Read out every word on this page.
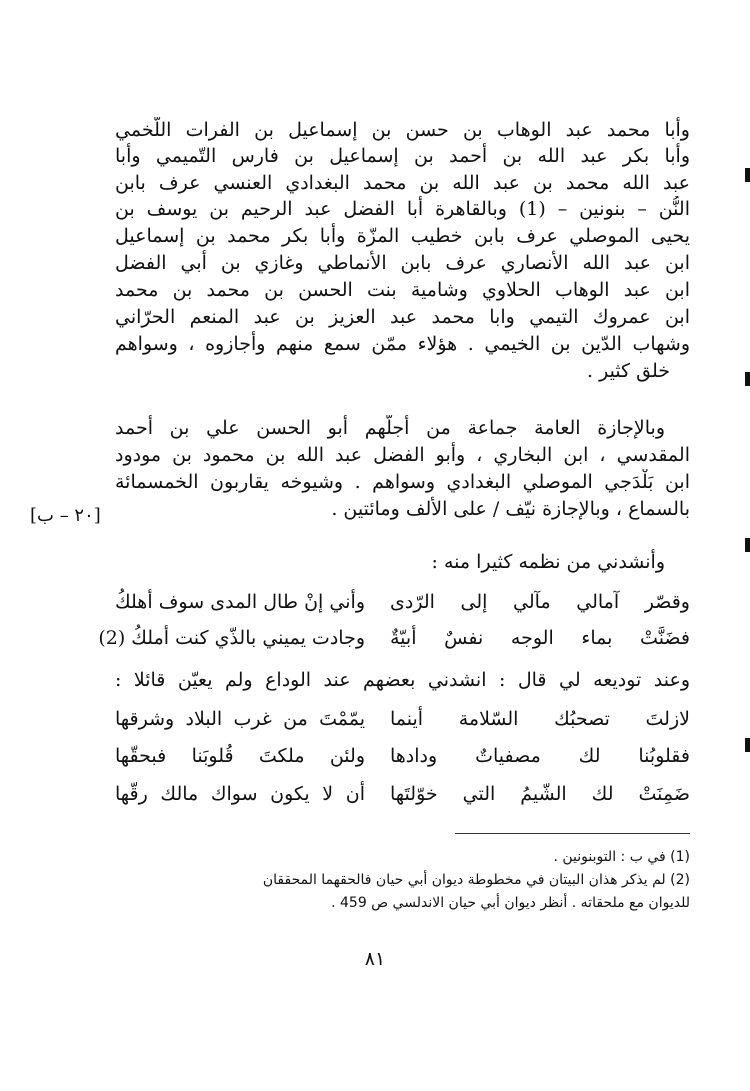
وأبا محمد عبد الوهاب بن حسن بن إسماعيل بن الفرات اللّخمي
وأبا بكر عبد الله بن أحمد بن إسماعيل بن فارس التّميمي وأبا
عبد الله محمد بن عبد الله بن محمد البغدادي العنسي عرف بابن
النُّن – بنونين – (1) وبالقاهرة أبا الفضل عبد الرحيم بن يوسف بن
يحيى الموصلي عرف بابن خطيب المزّة وأبا بكر محمد بن إسماعيل
ابن عبد الله الأنصاري عرف بابن الأنماطي وغازي بن أبي الفضل
ابن عبد الوهاب الحلاوي وشامية بنت الحسن بن محمد بن محمد
ابن عمروك التيمي وابا محمد عبد العزيز بن عبد المنعم الحرّاني
وشهاب الدّين بن الخيمي . هؤلاء ممّن سمع منهم وأجازوه ، وسواهم
خلق كثير .
وبالإجازة العامة جماعة من أجلّهم أبو الحسن علي بن أحمد
المقدسي ، ابن البخاري ، وأبو الفضل عبد الله بن محمود بن مودود
ابن بَلْدَجي الموصلي البغدادي وسواهم . وشيوخه يقاربون الخمسمائة
بالسماع ، وبالإجازة نيّف / على الألف ومائتين .
[٢٠ – ب]
وأنشدني من نظمه كثيرا منه :
وقصّر آمالي مآلي إلى الرّدى
وأني إنْ طال المدى سوف أهلكُ
فضَنَّتْ بماء الوجه نفسٌ أبيّةٌ
وجادت يميني بالذّي كنت أملكُ (2)
وعند توديعه لي قال : انشدني بعضهم عند الوداع ولم يعيّن قائلا :
لازلتَ تصحبُك السّلامة أينما
يمّمْتَ من غرب البلاد وشرقها
فقلوبُنا لك مصفياتٌ ودادها
ولئن ملكتَ قُلوبَنا فبحقّها
ضَمِنَتْ لك الشّيمُ التي خوّلتَها
أن لا يكون سواك مالك رقّها
(1) في ب : التوبنونين .
(2) لم يذكر هذان البيتان في مخطوطة ديوان أبي حيان فالحقهما المحققان
للديوان مع ملحقاته . أنظر ديوان أبي حيان الاندلسي ص 459 .
٨١
